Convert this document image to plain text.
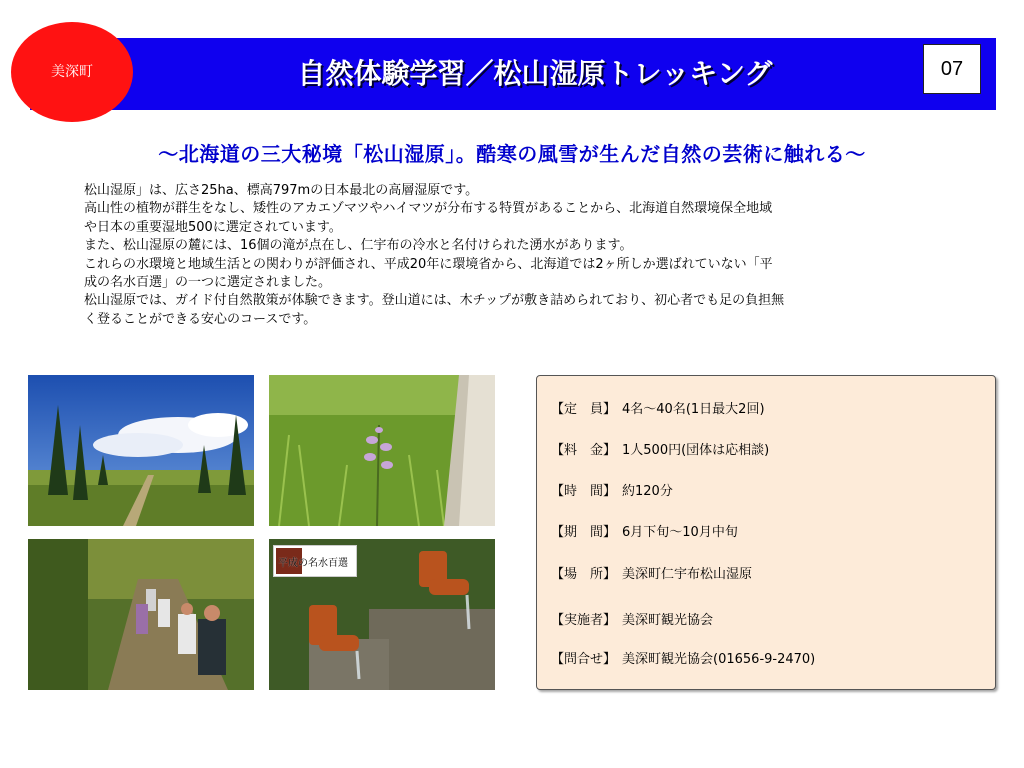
自然体験学習／松山湿原トレッキング	07
美深町
～北海道の三大秘境「松山湿原」。酷寒の風雪が生んだ自然の芸術に触れる～

松山湿原」は、広さ25ha、標高797mの日本最北の高層湿原です。

高山性の植物が群生をなし、矮性のアカエゾマツやハイマツが分布する特質があることから、北海道自然環境保全地域

や日本の重要湿地500に選定されています。

また、松山湿原の麓には、16個の滝が点在し、仁宇布の冷水と名付けられた湧水があります。

これらの水環境と地域生活との関わりが評価され、平成20年に環境省から、北海道では2ヶ所しか選ばれていない「平

成の名水百選」の一つに選定されました。

松山湿原では、ガイド付自然散策が体験できます。登山道には、木チップが敷き詰められており、初心者でも足の負担無

く登ることができる安心のコースです。

平成の名水百選
【定　員】 4名～40名(1日最大2回)
【料　金】 1人500円(団体は応相談)
【時　間】 約120分
【期　間】 6月下旬～10月中旬
【場　所】 美深町仁宇布松山湿原
【実施者】 美深町観光協会
【問合せ】 美深町観光協会(01656-9-2470)
